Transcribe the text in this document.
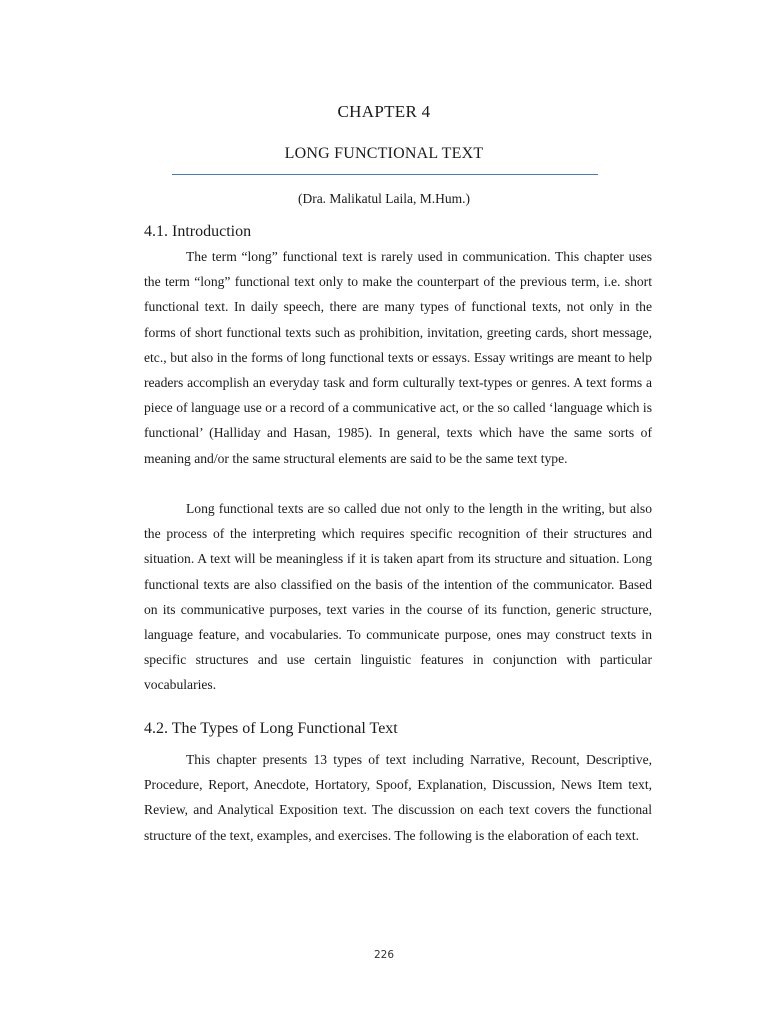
CHAPTER 4
LONG FUNCTIONAL TEXT
(Dra. Malikatul Laila, M.Hum.)
4.1. Introduction

The term “long” functional text is rarely used in communication. This chapter uses the term “long” functional text only to make the counterpart of the previous term, i.e. short functional text. In daily speech, there are many types of functional texts, not only in the forms of short functional texts such as prohibition, invitation, greeting cards, short message, etc., but also in the forms of long functional texts or essays. Essay writings are meant to help readers accomplish an everyday task and form culturally text-types or genres. A text forms a piece of language use or a record of a communicative act, or the so called ‘language which is functional’ (Halliday and Hasan, 1985). In general, texts which have the same sorts of meaning and/or the same structural elements are said to be the same text type.

Long functional texts are so called due not only to the length in the writing, but also the process of the interpreting which requires specific recognition of their structures and situation. A text will be meaningless if it is taken apart from its structure and situation. Long functional texts are also classified on the basis of the intention of the communicator. Based on its communicative purposes, text varies in the course of its function, generic structure, language feature, and vocabularies. To communicate purpose, ones may construct texts in specific structures and use certain linguistic features in conjunction with particular vocabularies.

4.2. The Types of Long Functional Text

This chapter presents 13 types of text including Narrative, Recount, Descriptive, Procedure, Report, Anecdote, Hortatory, Spoof, Explanation, Discussion, News Item text, Review, and Analytical Exposition text. The discussion on each text covers the functional structure of the text, examples, and exercises. The following is the elaboration of each text.

226
